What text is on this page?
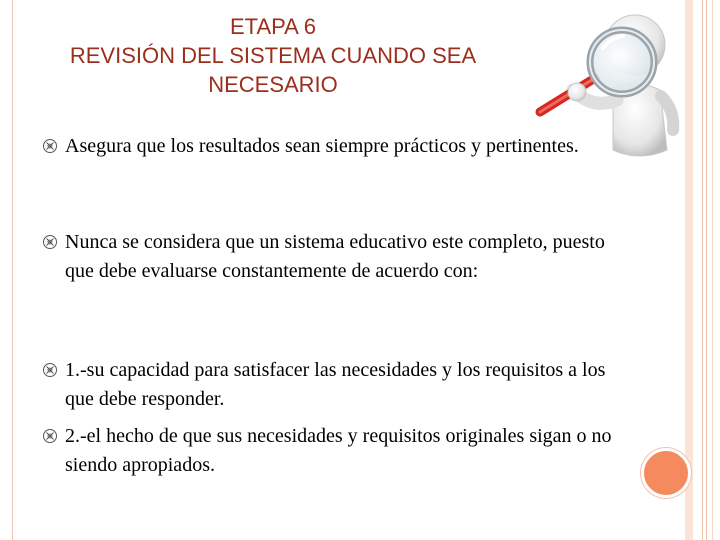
ETAPA 6
REVISIÓN DEL SISTEMA CUANDO SEA
NECESARIO
Asegura que los resultados sean siempre prácticos y pertinentes.
Nunca se considera que un sistema educativo este completo, puesto que debe evaluarse constantemente de acuerdo con:
1.-su capacidad para satisfacer las necesidades y los requisitos a los que debe responder.
2.-el hecho de que sus necesidades y requisitos originales sigan o no siendo apropiados.
